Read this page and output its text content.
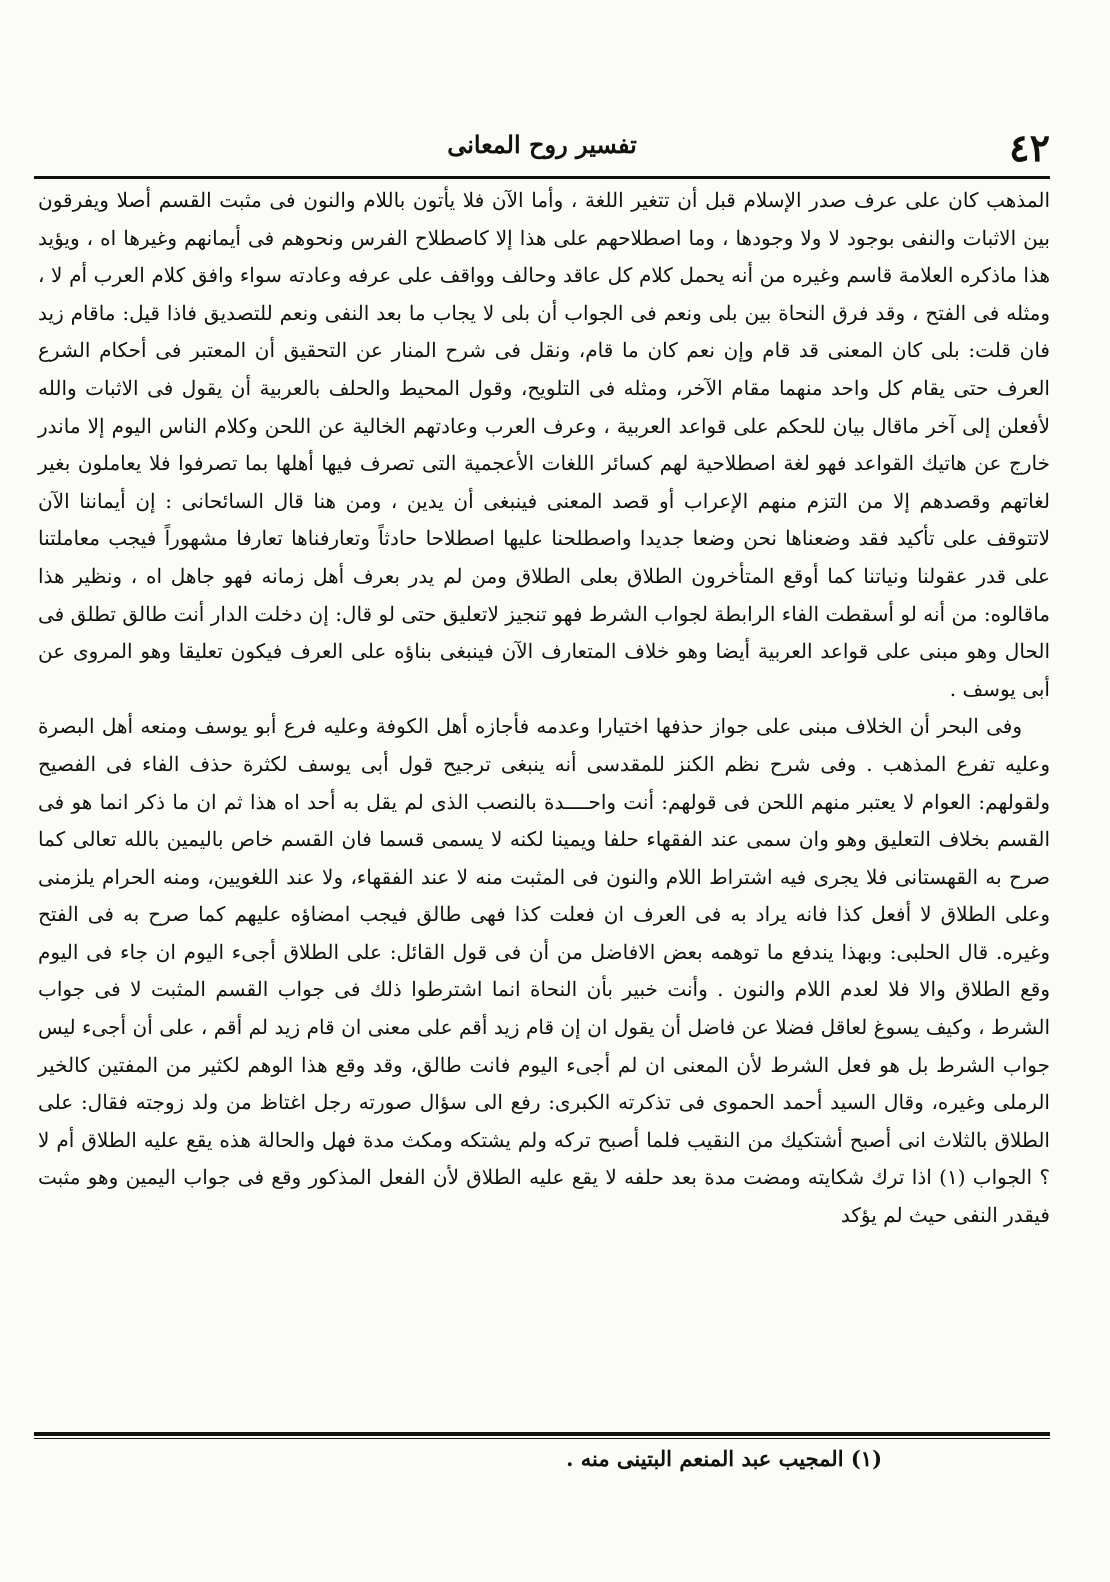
٤٢
تفسير روح المعانى

المذهب كان على عرف صدر الإسلام قبل أن تتغير اللغة ، وأما الآن فلا يأتون باللام والنون فى مثبت القسم أصلا ويفرقون بين الاثبات والنفى بوجود لا ولا وجودها ، وما اصطلاحهم على هذا إلا كاصطلاح الفرس ونحوهم فى أيمانهم وغيرها اه ، ويؤيد هذا ماذكره العلامة قاسم وغيره من أنه يحمل كلام كل عاقد وحالف وواقف على عرفه وعادته سواء وافق كلام العرب أم لا ، ومثله فى الفتح ، وقد فرق النحاة بين بلى ونعم فى الجواب أن بلى لا يجاب ما بعد النفى ونعم للتصديق فاذا قيل: ماقام زيد فان قلت: بلى كان المعنى قد قام وإن نعم كان ما قام، ونقل فى شرح المنار عن التحقيق أن المعتبر فى أحكام الشرع العرف حتى يقام كل واحد منهما مقام الآخر، ومثله فى التلويح، وقول المحيط والحلف بالعربية أن يقول فى الاثبات والله لأفعلن إلى آخر ماقال بيان للحكم على قواعد العربية ، وعرف العرب وعادتهم الخالية عن اللحن وكلام الناس اليوم إلا ماندر خارج عن هاتيك القواعد فهو لغة اصطلاحية لهم كسائر اللغات الأعجمية التى تصرف فيها أهلها بما تصرفوا فلا يعاملون بغير لغاتهم وقصدهم إلا من التزم منهم الإعراب أو قصد المعنى فينبغى أن يدين ، ومن هنا قال السائحانى : إن أيماننا الآن لاتتوقف على تأكيد فقد وضعناها نحن وضعا جديدا واصطلحنا عليها اصطلاحا حادثاً وتعارفناها تعارفا مشهوراً فيجب معاملتنا على قدر عقولنا ونياتنا كما أوقع المتأخرون الطلاق بعلى الطلاق ومن لم يدر بعرف أهل زمانه فهو جاهل اه ، ونظير هذا ماقالوه: من أنه لو أسقطت الفاء الرابطة لجواب الشرط فهو تنجيز لاتعليق حتى لو قال: إن دخلت الدار أنت طالق تطلق فى الحال وهو مبنى على قواعد العربية أيضا وهو خلاف المتعارف الآن فينبغى بناؤه على العرف فيكون تعليقا وهو المروى عن أبى يوسف .

وفى البحر أن الخلاف مبنى على جواز حذفها اختيارا وعدمه فأجازه أهل الكوفة وعليه فرع أبو يوسف ومنعه أهل البصرة وعليه تفرع المذهب . وفى شرح نظم الكنز للمقدسى أنه ينبغى ترجيح قول أبى يوسف لكثرة حذف الفاء فى الفصيح ولقولهم: العوام لا يعتبر منهم اللحن فى قولهم: أنت واحــــدة بالنصب الذى لم يقل به أحد اه هذا ثم ان ما ذكر انما هو فى القسم بخلاف التعليق وهو وان سمى عند الفقهاء حلفا ويمينا لكنه لا يسمى قسما فان القسم خاص باليمين بالله تعالى كما صرح به القهستانى فلا يجرى فيه اشتراط اللام والنون فى المثبت منه لا عند الفقهاء، ولا عند اللغويين، ومنه الحرام يلزمنى وعلى الطلاق لا أفعل كذا فانه يراد به فى العرف ان فعلت كذا فهى طالق فيجب امضاؤه عليهم كما صرح به فى الفتح وغيره. قال الحلبى: وبهذا يندفع ما توهمه بعض الافاضل من أن فى قول القائل: على الطلاق أجىء اليوم ان جاء فى اليوم وقع الطلاق والا فلا لعدم اللام والنون . وأنت خبير بأن النحاة انما اشترطوا ذلك فى جواب القسم المثبت لا فى جواب الشرط ، وكيف يسوغ لعاقل فضلا عن فاضل أن يقول ان إن قام زيد أقم على معنى ان قام زيد لم أقم ، على أن أجىء ليس جواب الشرط بل هو فعل الشرط لأن المعنى ان لم أجىء اليوم فانت طالق، وقد وقع هذا الوهم لكثير من المفتين كالخير الرملى وغيره، وقال السيد أحمد الحموى فى تذكرته الكبرى: رفع الى سؤال صورته رجل اغتاظ من ولد زوجته فقال: على الطلاق بالثلاث انى أصبح أشتكيك من النقيب فلما أصبح تركه ولم يشتكه ومكث مدة فهل والحالة هذه يقع عليه الطلاق أم لا ؟ الجواب (١) اذا ترك شكايته ومضت مدة بعد حلفه لا يقع عليه الطلاق لأن الفعل المذكور وقع فى جواب اليمين وهو مثبت فيقدر النفى حيث لم يؤكد

(١) المجيب عبد المنعم البتينى منه .
